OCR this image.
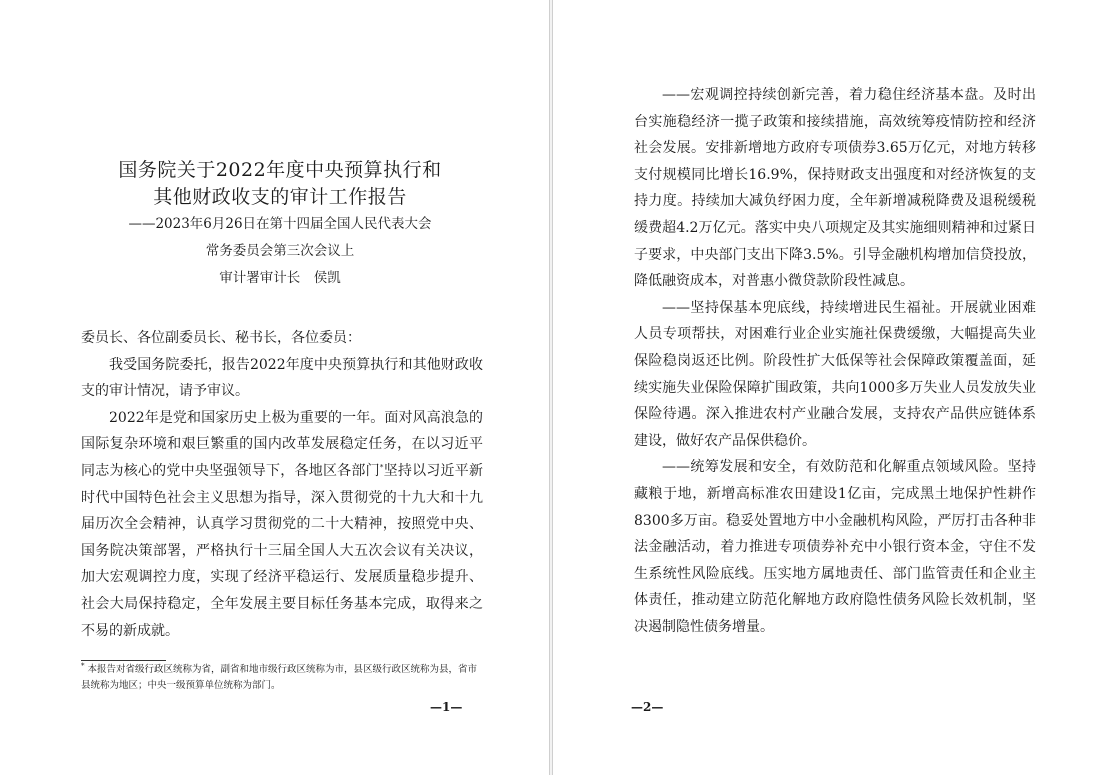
国务院关于2022年度中央预算执行和
其他财政收支的审计工作报告

——2023年6月26日在第十四届全国人民代表大会

常务委员会第三次会议上

审计署审计长　侯凯

委员长、各位副委员长、秘书长，各位委员：

我受国务院委托，报告2022年度中央预算执行和其他财政收支的审计情况，请予审议。

2022年是党和国家历史上极为重要的一年。面对风高浪急的国际复杂环境和艰巨繁重的国内改革发展稳定任务，在以习近平同志为核心的党中央坚强领导下，各地区各部门*坚持以习近平新时代中国特色社会主义思想为指导，深入贯彻党的十九大和十九届历次全会精神，认真学习贯彻党的二十大精神，按照党中央、国务院决策部署，严格执行十三届全国人大五次会议有关决议，加大宏观调控力度，实现了经济平稳运行、发展质量稳步提升、社会大局保持稳定，全年发展主要目标任务基本完成，取得来之不易的新成就。

* 本报告对省级行政区统称为省，副省和地市级行政区统称为市，县区级行政区统称为县，省市县统称为地区；中央一级预算单位统称为部门。
—1—

——宏观调控持续创新完善，着力稳住经济基本盘。及时出台实施稳经济一揽子政策和接续措施，高效统筹疫情防控和经济社会发展。安排新增地方政府专项债券3.65万亿元，对地方转移支付规模同比增长16.9%，保持财政支出强度和对经济恢复的支持力度。持续加大减负纾困力度，全年新增减税降费及退税缓税缓费超4.2万亿元。落实中央八项规定及其实施细则精神和过紧日子要求，中央部门支出下降3.5%。引导金融机构增加信贷投放，降低融资成本，对普惠小微贷款阶段性减息。

——坚持保基本兜底线，持续增进民生福祉。开展就业困难人员专项帮扶，对困难行业企业实施社保费缓缴，大幅提高失业保险稳岗返还比例。阶段性扩大低保等社会保障政策覆盖面，延续实施失业保险保障扩围政策，共向1000多万失业人员发放失业保险待遇。深入推进农村产业融合发展，支持农产品供应链体系建设，做好农产品保供稳价。

——统筹发展和安全，有效防范和化解重点领域风险。坚持藏粮于地，新增高标准农田建设1亿亩，完成黑土地保护性耕作8300多万亩。稳妥处置地方中小金融机构风险，严厉打击各种非法金融活动，着力推进专项债券补充中小银行资本金，守住不发生系统性风险底线。压实地方属地责任、部门监管责任和企业主体责任，推动建立防范化解地方政府隐性债务风险长效机制，坚决遏制隐性债务增量。

—2—
